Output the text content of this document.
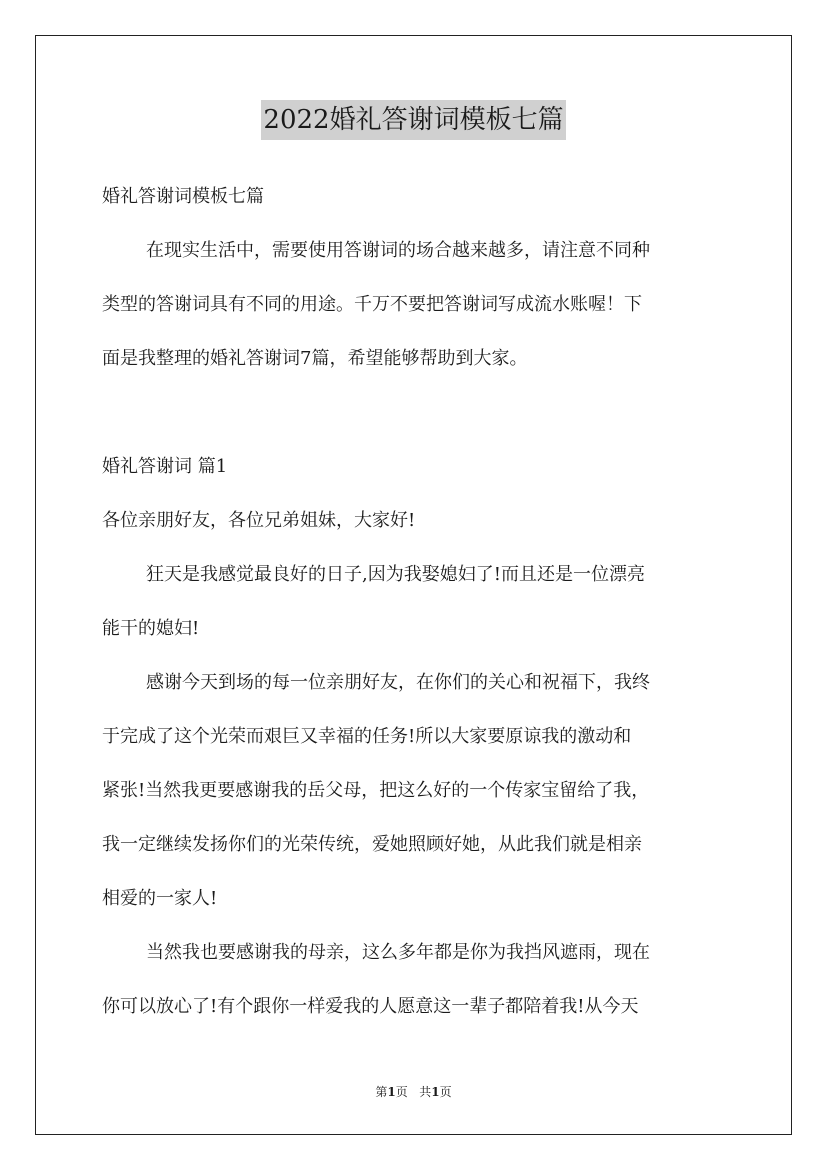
2022婚礼答谢词模板七篇
婚礼答谢词模板七篇
在现实生活中，需要使用答谢词的场合越来越多，请注意不同种
类型的答谢词具有不同的用途。千万不要把答谢词写成流水账喔！下
面是我整理的婚礼答谢词7篇，希望能够帮助到大家。
婚礼答谢词 篇1
各位亲朋好友，各位兄弟姐妹，大家好!
狂天是我感觉最良好的日子,因为我娶媳妇了!而且还是一位漂亮
能干的媳妇!
感谢今天到场的每一位亲朋好友，在你们的关心和祝福下，我终
于完成了这个光荣而艰巨又幸福的任务!所以大家要原谅我的激动和
紧张!当然我更要感谢我的岳父母，把这么好的一个传家宝留给了我，
我一定继续发扬你们的光荣传统，爱她照顾好她，从此我们就是相亲
相爱的一家人!
当然我也要感谢我的母亲，这么多年都是你为我挡风遮雨，现在
你可以放心了!有个跟你一样爱我的人愿意这一辈子都陪着我!从今天
第1页 共1页
